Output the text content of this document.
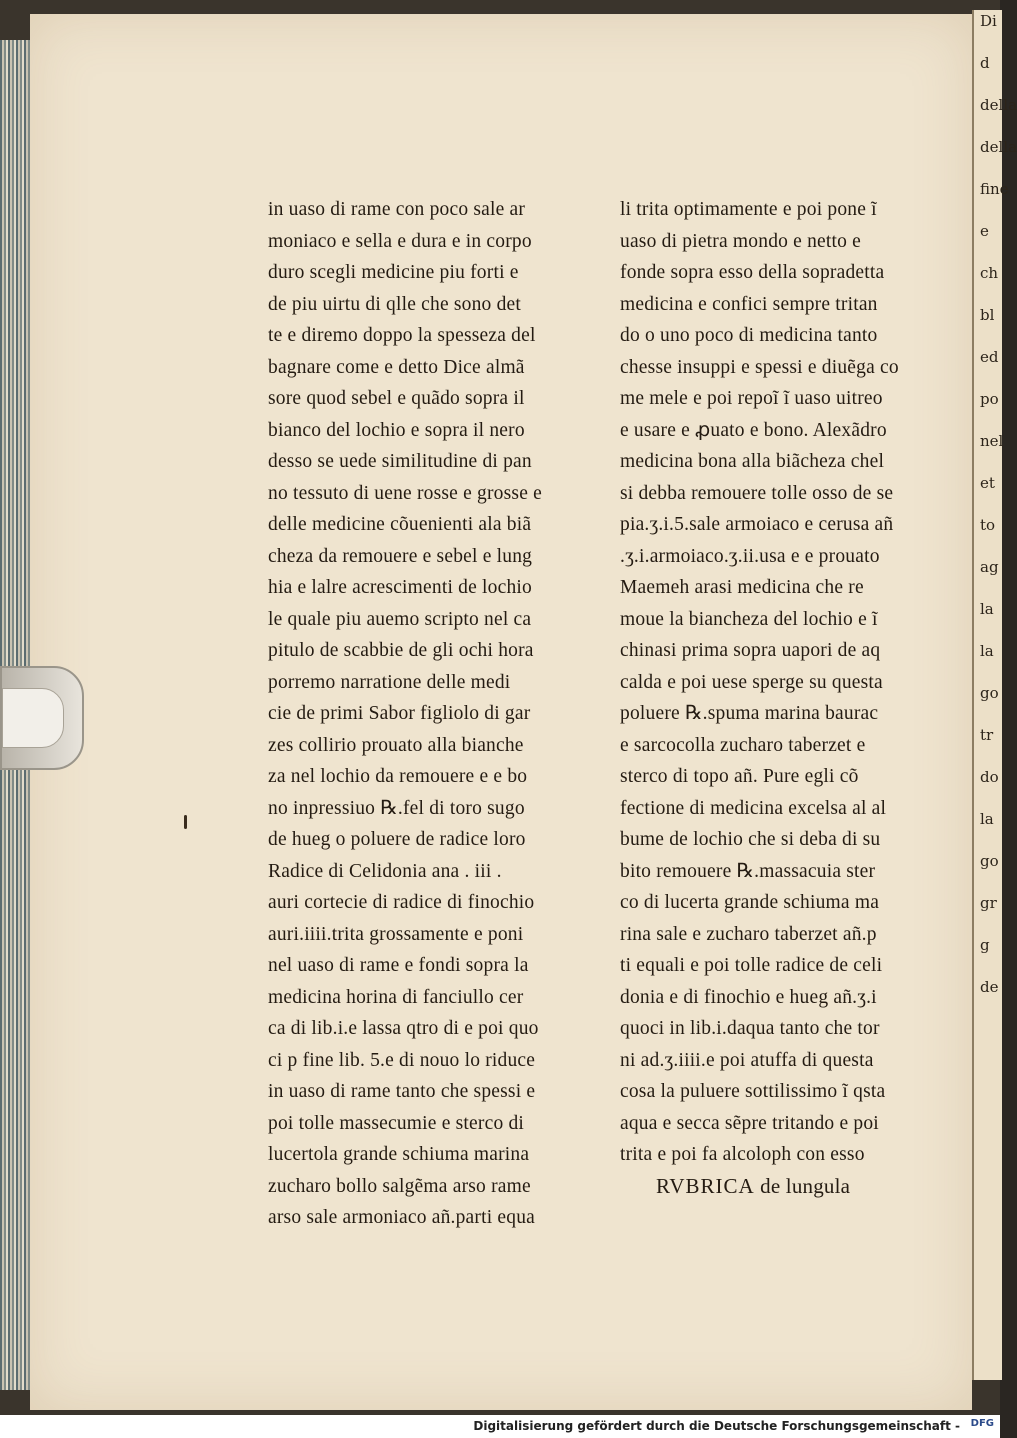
Di
d
della
della
fine
e
ch
bl
ed
po
nel
et
to
ag
la
la
go
tr
do
la
go
gr
g
de
in uaso di rame con poco sale ar
moniaco e sella e dura e in corpo
duro scegli medicine piu forti e
de piu uirtu di qlle che sono det
te e diremo doppo la spesseza del
bagnare come e detto Dice almã
sore quod sebel e quãdo sopra il
bianco del lochio e sopra il nero
desso se uede similitudine di pan
no tessuto di uene rosse e grosse e
delle medicine cõuenienti ala biã
cheza da remouere e sebel e lung
hia e lalre acrescimenti de lochio
le quale piu auemo scripto nel ca
pitulo de scabbie de gli ochi hora
porremo narratione delle medi
cie de primi Sabor figliolo di gar
zes collirio prouato alla bianche
za nel lochio da remouere e e bo
no inpressiuo ℞.fel di toro sugo
de hueg o poluere de radice loro
Radice di Celidonia ana . iii .
auri cortecie di radice di finochio
auri.iiii.trita grossamente e poni
nel uaso di rame e fondi sopra la
medicina horina di fanciullo cer
ca di lib.i.e lassa qtro di e poi quo
ci p fine lib. 5.e di nouo lo riduce
in uaso di rame tanto che spessi e
poi tolle massecumie e sterco di
lucertola grande schiuma marina
zucharo bollo salgẽma arso rame
arso sale armoniaco añ.parti equa
li trita optimamente e poi pone ĩ
uaso di pietra mondo e netto e
fonde sopra esso della sopradetta
medicina e confici sempre tritan
do o uno poco di medicina tanto
chesse insuppi e spessi e diuẽga co
me mele e poi repoĩ ĩ uaso uitreo
e usare e ꝓuato e bono. Alexãdro
medicina bona alla biãcheza chel
si debba remouere tolle osso de se
pia.ʒ.i.5.sale armoiaco e cerusa añ
.ʒ.i.armoiaco.ʒ.ii.usa e e prouato
Maemeh arasi medicina che re
moue la biancheza del lochio e ĩ
chinasi prima sopra uapori de aq
calda e poi uese sperge su questa
poluere ℞.spuma marina baurac
e sarcocolla zucharo taberzet e
sterco di topo añ. Pure egli cõ
fectione di medicina excelsa al al
bume de lochio che si deba di su
bito remouere ℞.massacuia ster
co di lucerta grande schiuma ma
rina sale e zucharo taberzet añ.p
ti equali e poi tolle radice de celi
donia e di finochio e hueg añ.ʒ.i
quoci in lib.i.daqua tanto che tor
ni ad.ʒ.iiii.e poi atuffa di questa
cosa la puluere sottilissimo ĩ qsta
aqua e secca sẽpre tritando e poi
trita e poi fa alcoloph con esso
RVBRICA de lungula
Digitalisierung gefördert durch die Deutsche Forschungsgemeinschaft - DFG
